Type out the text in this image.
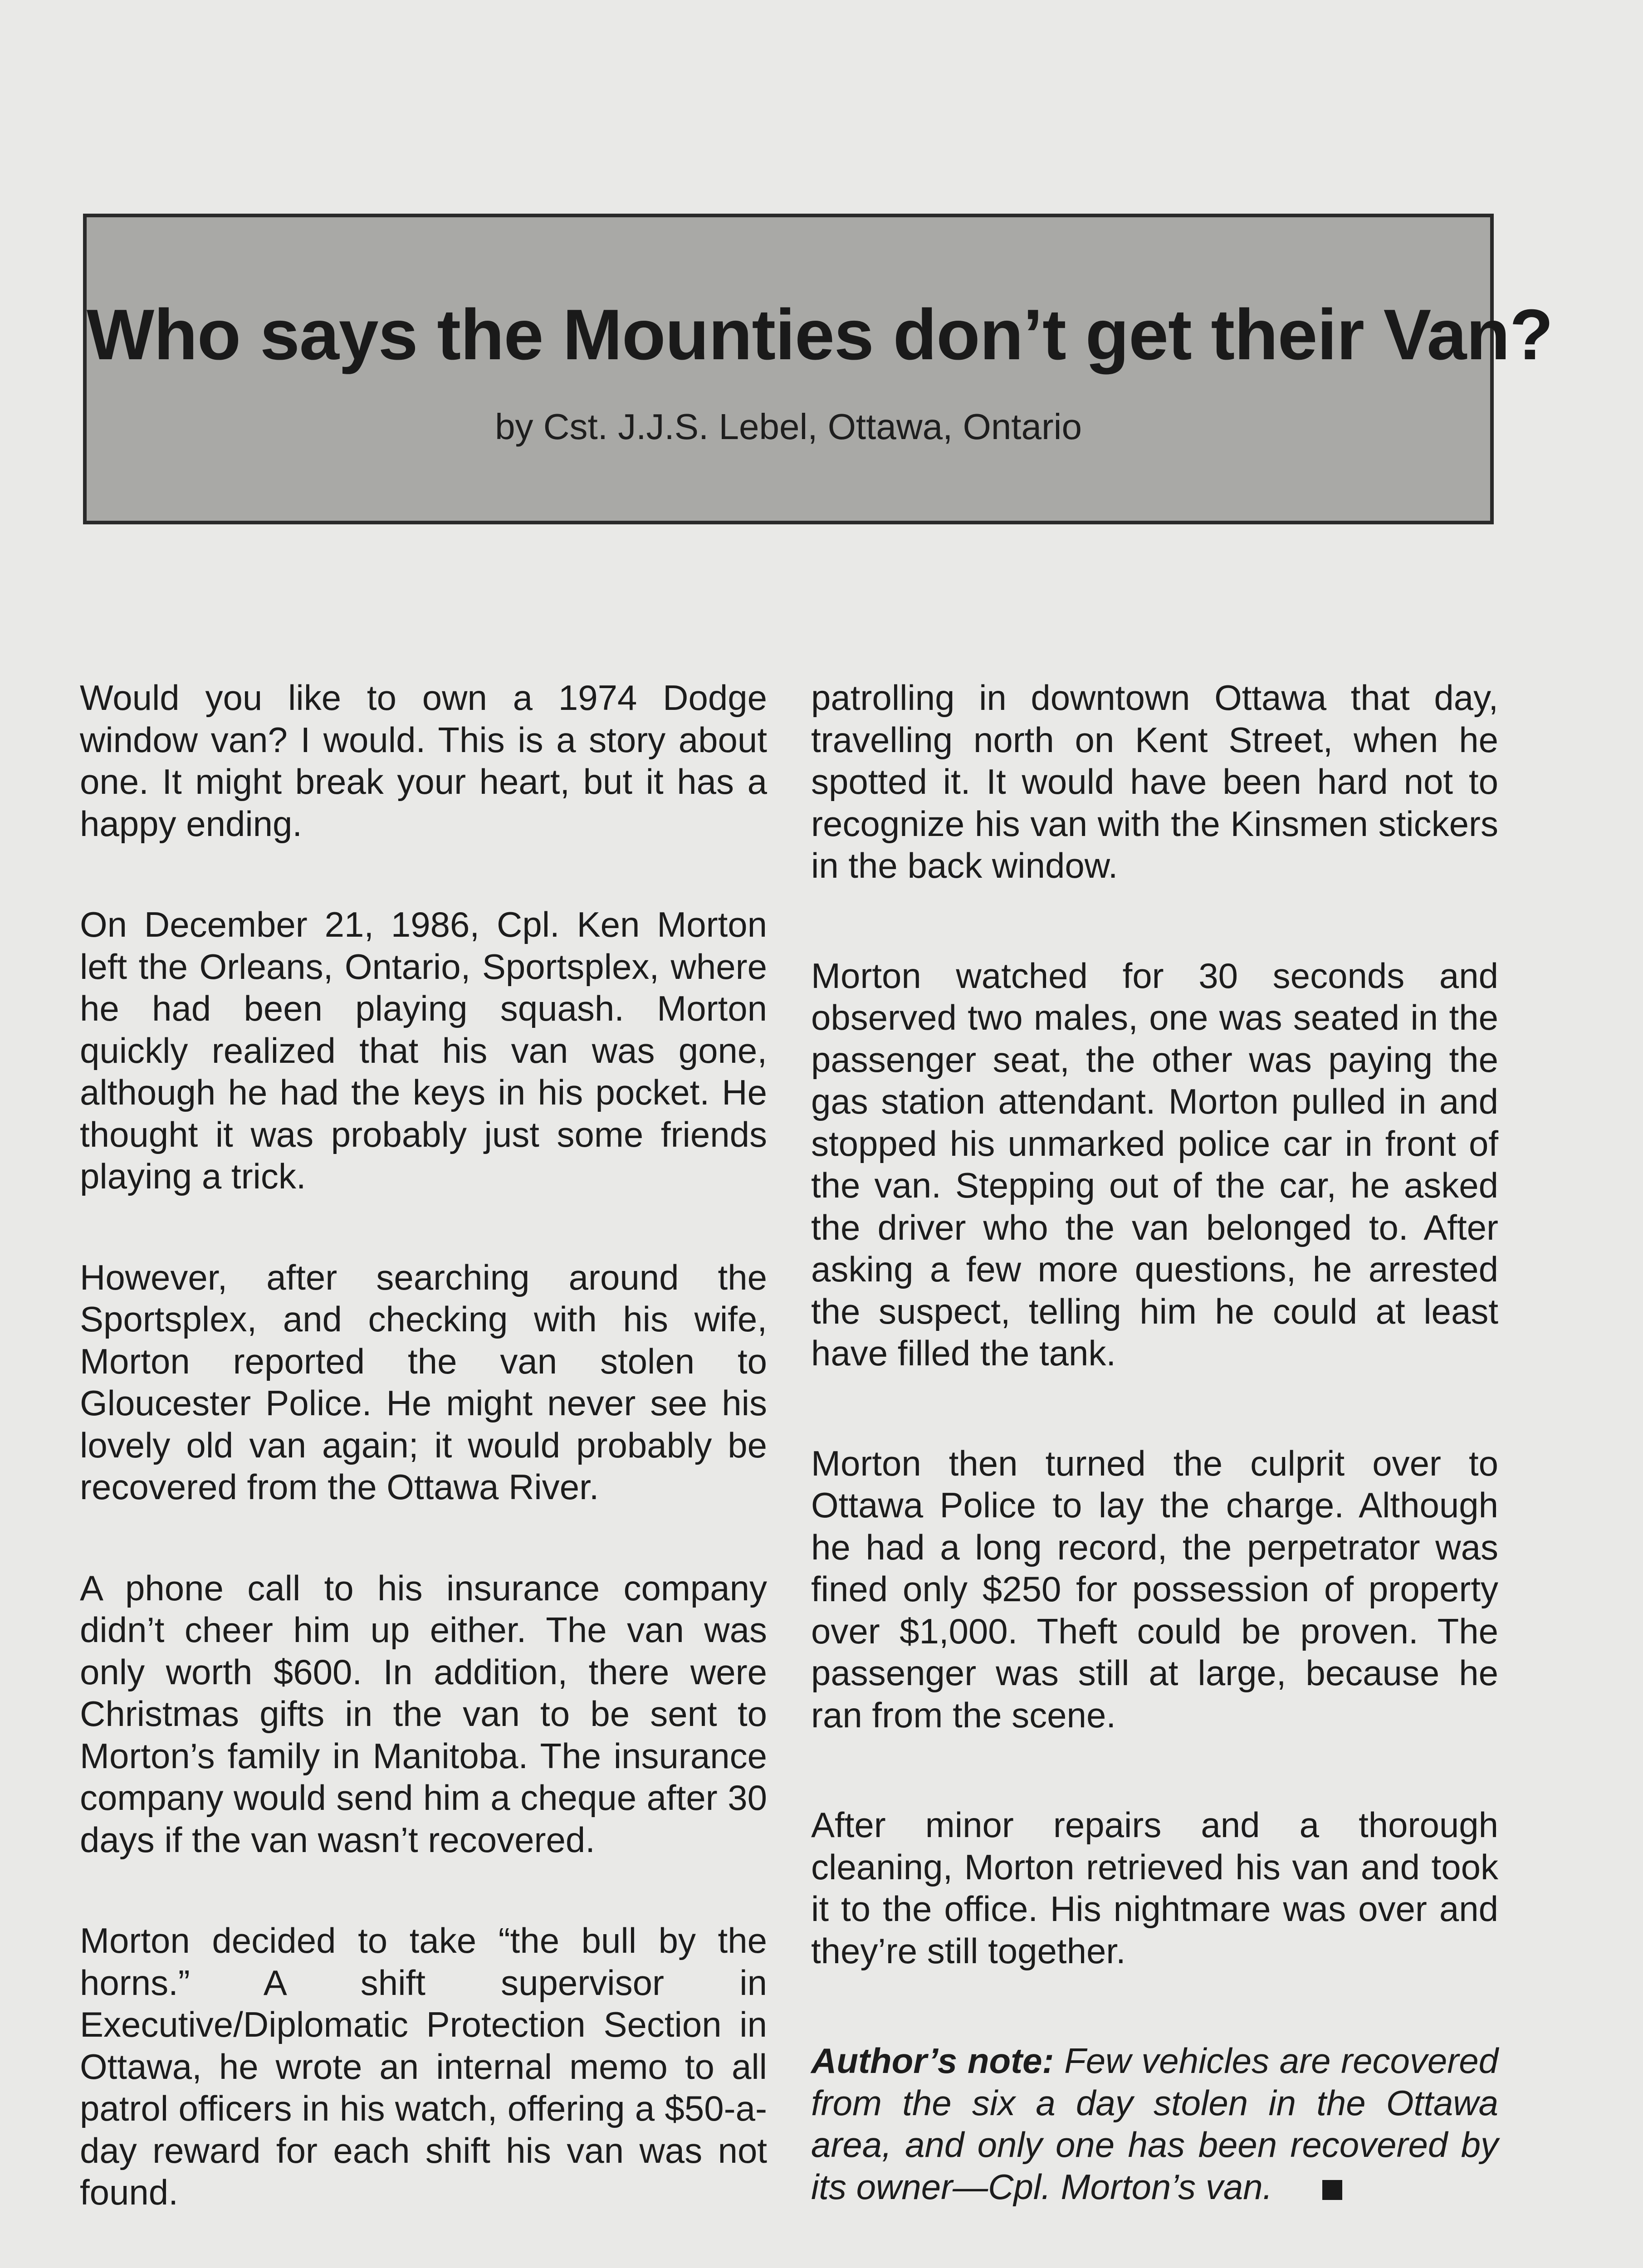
Who says the Mounties don’t get their Van?
by Cst. J.J.S. Lebel, Ottawa, Ontario

Would you like to own a 1974 Dodge window van? I would. This is a story about one. It might break your heart, but it has a happy ending.

On December 21, 1986, Cpl. Ken Morton left the Orleans, Ontario, Sportsplex, where he had been playing squash. Morton quickly realized that his van was gone, although he had the keys in his pocket. He thought it was probably just some friends playing a trick.

However, after searching around the Sportsplex, and checking with his wife, Morton reported the van stolen to Gloucester Police. He might never see his lovely old van again; it would probably be recovered from the Ottawa River.

A phone call to his insurance company didn’t cheer him up either. The van was only worth $600. In addition, there were Christmas gifts in the van to be sent to Morton’s family in Manitoba. The insurance company would send him a cheque after 30 days if the van wasn’t recovered.

Morton decided to take “the bull by the horns.” A shift supervisor in Executive/Diplomatic Protection Section in Ottawa, he wrote an internal memo to all patrol officers in his watch, offering a $50-a-day reward for each shift his van was not found.

patrolling in downtown Ottawa that day, travelling north on Kent Street, when he spotted it. It would have been hard not to recognize his van with the Kinsmen stickers in the back window.

Morton watched for 30 seconds and observed two males, one was seated in the passenger seat, the other was paying the gas station attendant. Morton pulled in and stopped his unmarked police car in front of the van. Stepping out of the car, he asked the driver who the van belonged to. After asking a few more questions, he arrested the suspect, telling him he could at least have filled the tank.

Morton then turned the culprit over to Ottawa Police to lay the charge. Although he had a long record, the perpetrator was fined only $250 for possession of property over $1,000. Theft could be proven. The passenger was still at large, because he ran from the scene.

After minor repairs and a thorough cleaning, Morton retrieved his van and took it to the office. His nightmare was over and they’re still together.

Author’s note: Few vehicles are recovered from the six a day stolen in the Ottawa area, and only one has been recovered by its owner—Cpl. Morton’s van.
